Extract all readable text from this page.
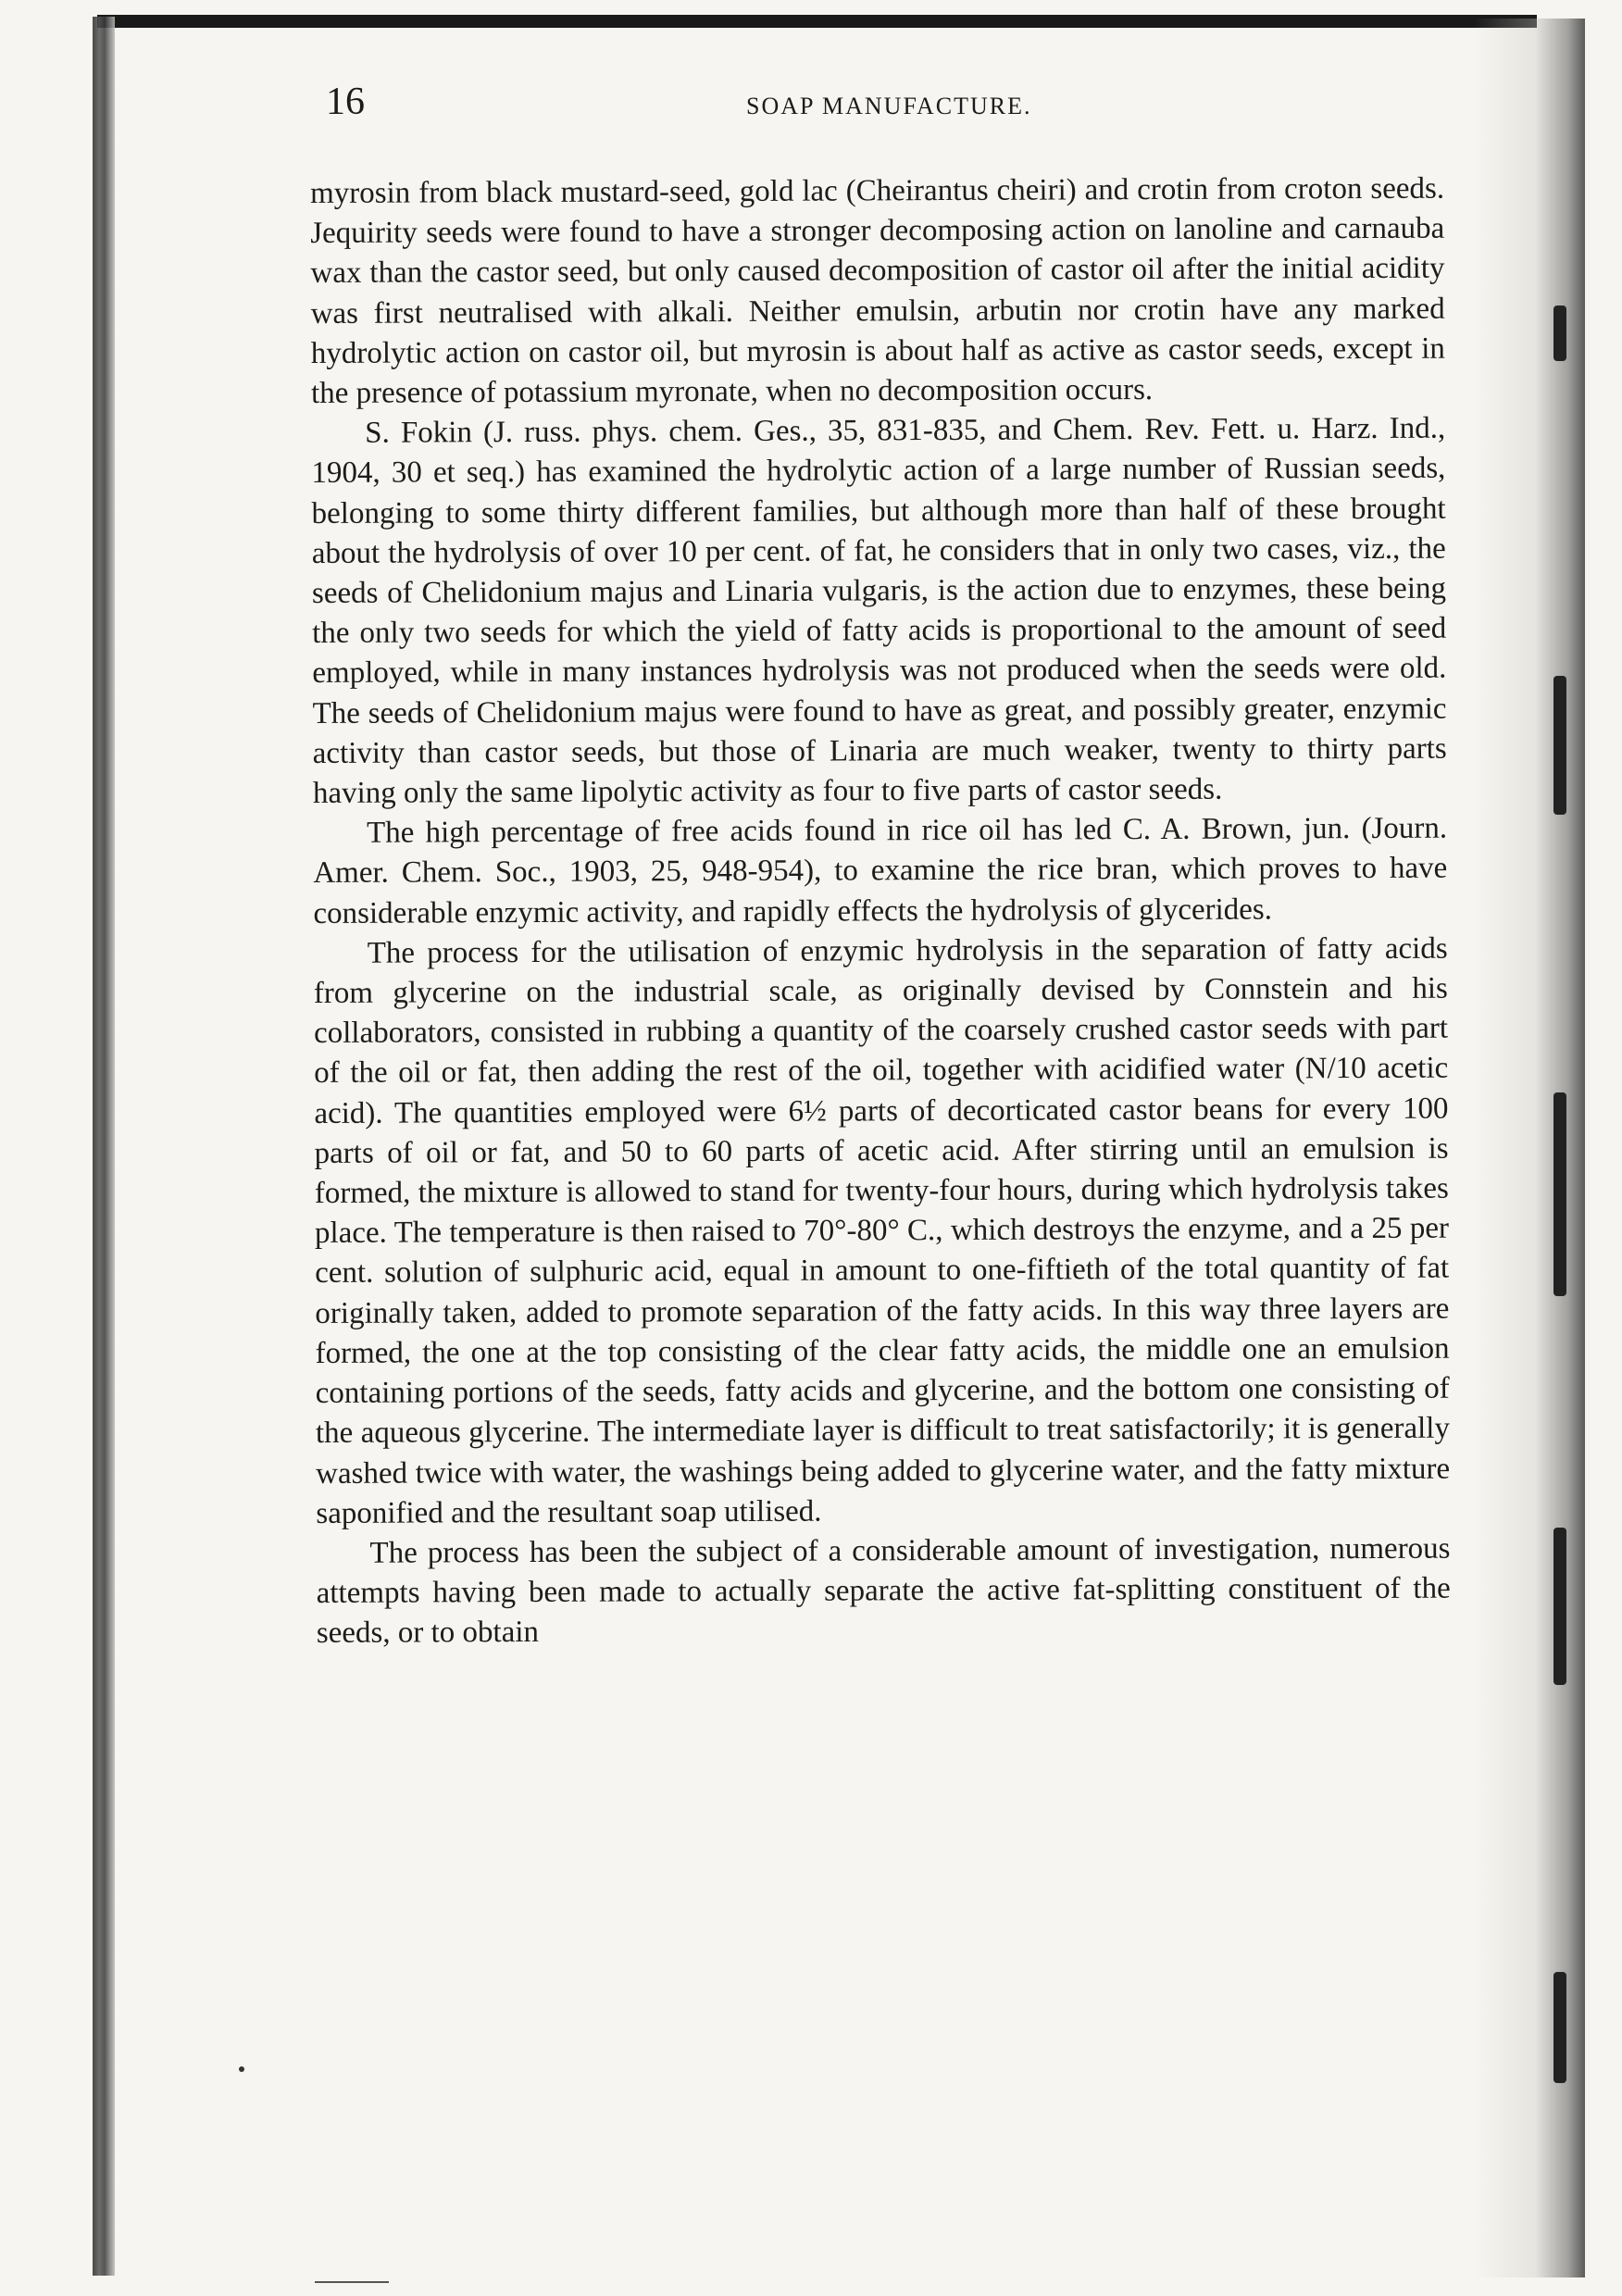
16	SOAP MANUFACTURE.

myrosin from black mustard-seed, gold lac (Cheirantus cheiri) and crotin from croton seeds. Jequirity seeds were found to have a stronger decomposing action on lanoline and carnauba wax than the castor seed, but only caused decomposition of castor oil after the initial acidity was first neutralised with alkali. Neither emulsin, arbutin nor crotin have any marked hydrolytic action on castor oil, but myrosin is about half as active as castor seeds, except in the presence of potassium myronate, when no decomposition occurs.

S. Fokin (J. russ. phys. chem. Ges., 35, 831-835, and Chem. Rev. Fett. u. Harz. Ind., 1904, 30 et seq.) has examined the hydrolytic action of a large number of Russian seeds, belonging to some thirty different families, but although more than half of these brought about the hydrolysis of over 10 per cent. of fat, he considers that in only two cases, viz., the seeds of Chelidonium majus and Linaria vulgaris, is the action due to enzymes, these being the only two seeds for which the yield of fatty acids is proportional to the amount of seed employed, while in many instances hydrolysis was not produced when the seeds were old. The seeds of Chelidonium majus were found to have as great, and possibly greater, enzymic activity than castor seeds, but those of Linaria are much weaker, twenty to thirty parts having only the same lipolytic activity as four to five parts of castor seeds.

The high percentage of free acids found in rice oil has led C. A. Brown, jun. (Journ. Amer. Chem. Soc., 1903, 25, 948-954), to examine the rice bran, which proves to have considerable enzymic activity, and rapidly effects the hydrolysis of glycerides.

The process for the utilisation of enzymic hydrolysis in the separation of fatty acids from glycerine on the industrial scale, as originally devised by Connstein and his collaborators, consisted in rubbing a quantity of the coarsely crushed castor seeds with part of the oil or fat, then adding the rest of the oil, together with acidified water (N/10 acetic acid). The quantities employed were 6½ parts of decorticated castor beans for every 100 parts of oil or fat, and 50 to 60 parts of acetic acid. After stirring until an emulsion is formed, the mixture is allowed to stand for twenty-four hours, during which hydrolysis takes place. The temperature is then raised to 70°-80° C., which destroys the enzyme, and a 25 per cent. solution of sulphuric acid, equal in amount to one-fiftieth of the total quantity of fat originally taken, added to promote separation of the fatty acids. In this way three layers are formed, the one at the top consisting of the clear fatty acids, the middle one an emulsion containing portions of the seeds, fatty acids and glycerine, and the bottom one consisting of the aqueous glycerine. The intermediate layer is difficult to treat satisfactorily; it is generally washed twice with water, the washings being added to glycerine water, and the fatty mixture saponified and the resultant soap utilised.

The process has been the subject of a considerable amount of investigation, numerous attempts having been made to actually separate the active fat-splitting constituent of the seeds, or to obtain
